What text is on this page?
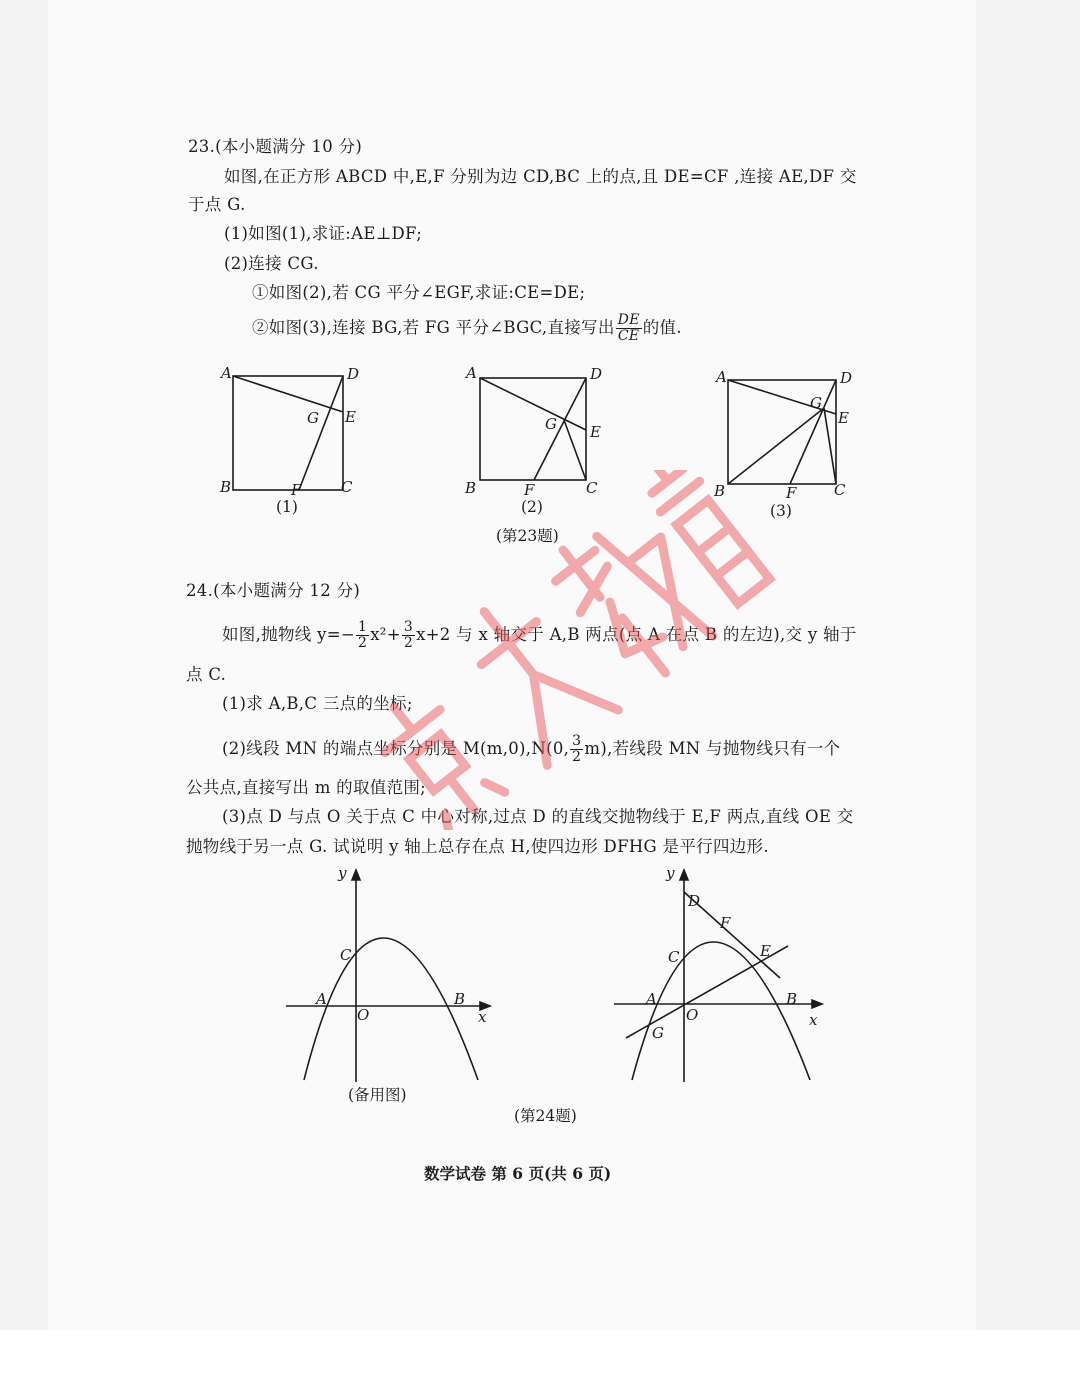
23.(本小题满分 10 分)
如图,在正方形 ABCD 中,E,F 分别为边 CD,BC 上的点,且 DE=CF ,连接 AE,DF 交
于点 G.
(1)如图(1),求证:AE⊥DF;
(2)连接 CG.
①如图(2),若 CG 平分∠EGF,求证:CE=DE;
②如图(3),连接 BG,若 FG 平分∠BGC,直接写出 $\frac{DE}{CE}$ 的值.
A	D
E
G
B	F	C
(1)
A	D
E
G
B	F	C
(2)
A	D
E
G
B	F	C
(3)
(第23题)
24.(本小题满分 12 分)
如图,抛物线 $y=- \frac{1}{2} x^2+ \frac{3}{2} x+2$ 与 x 轴交于 A,B 两点(点 A 在点 B 的左边),交 y 轴于
点 C.
(1)求 A,B,C 三点的坐标;
(2)线段 MN 的端点坐标分别是 M(m,0),N(0, $\frac{3}{2} m$),若线段 MN 与抛物线只有一个
公共点,直接写出 m 的取值范围;
(3)点 D 与点 O 关于点 C 中心对称,过点 D 的直线交抛物线于 E,F 两点,直线 OE 交
抛物线于另一点 G. 试说明 y 轴上总存在点 H,使四边形 DFHG 是平行四边形.
y
x
O
A	B
C
(备用图)
y
x
O
D
F
C	E
A	B
G
(第24题)
数学试卷 第 6 页(共 6 页)
